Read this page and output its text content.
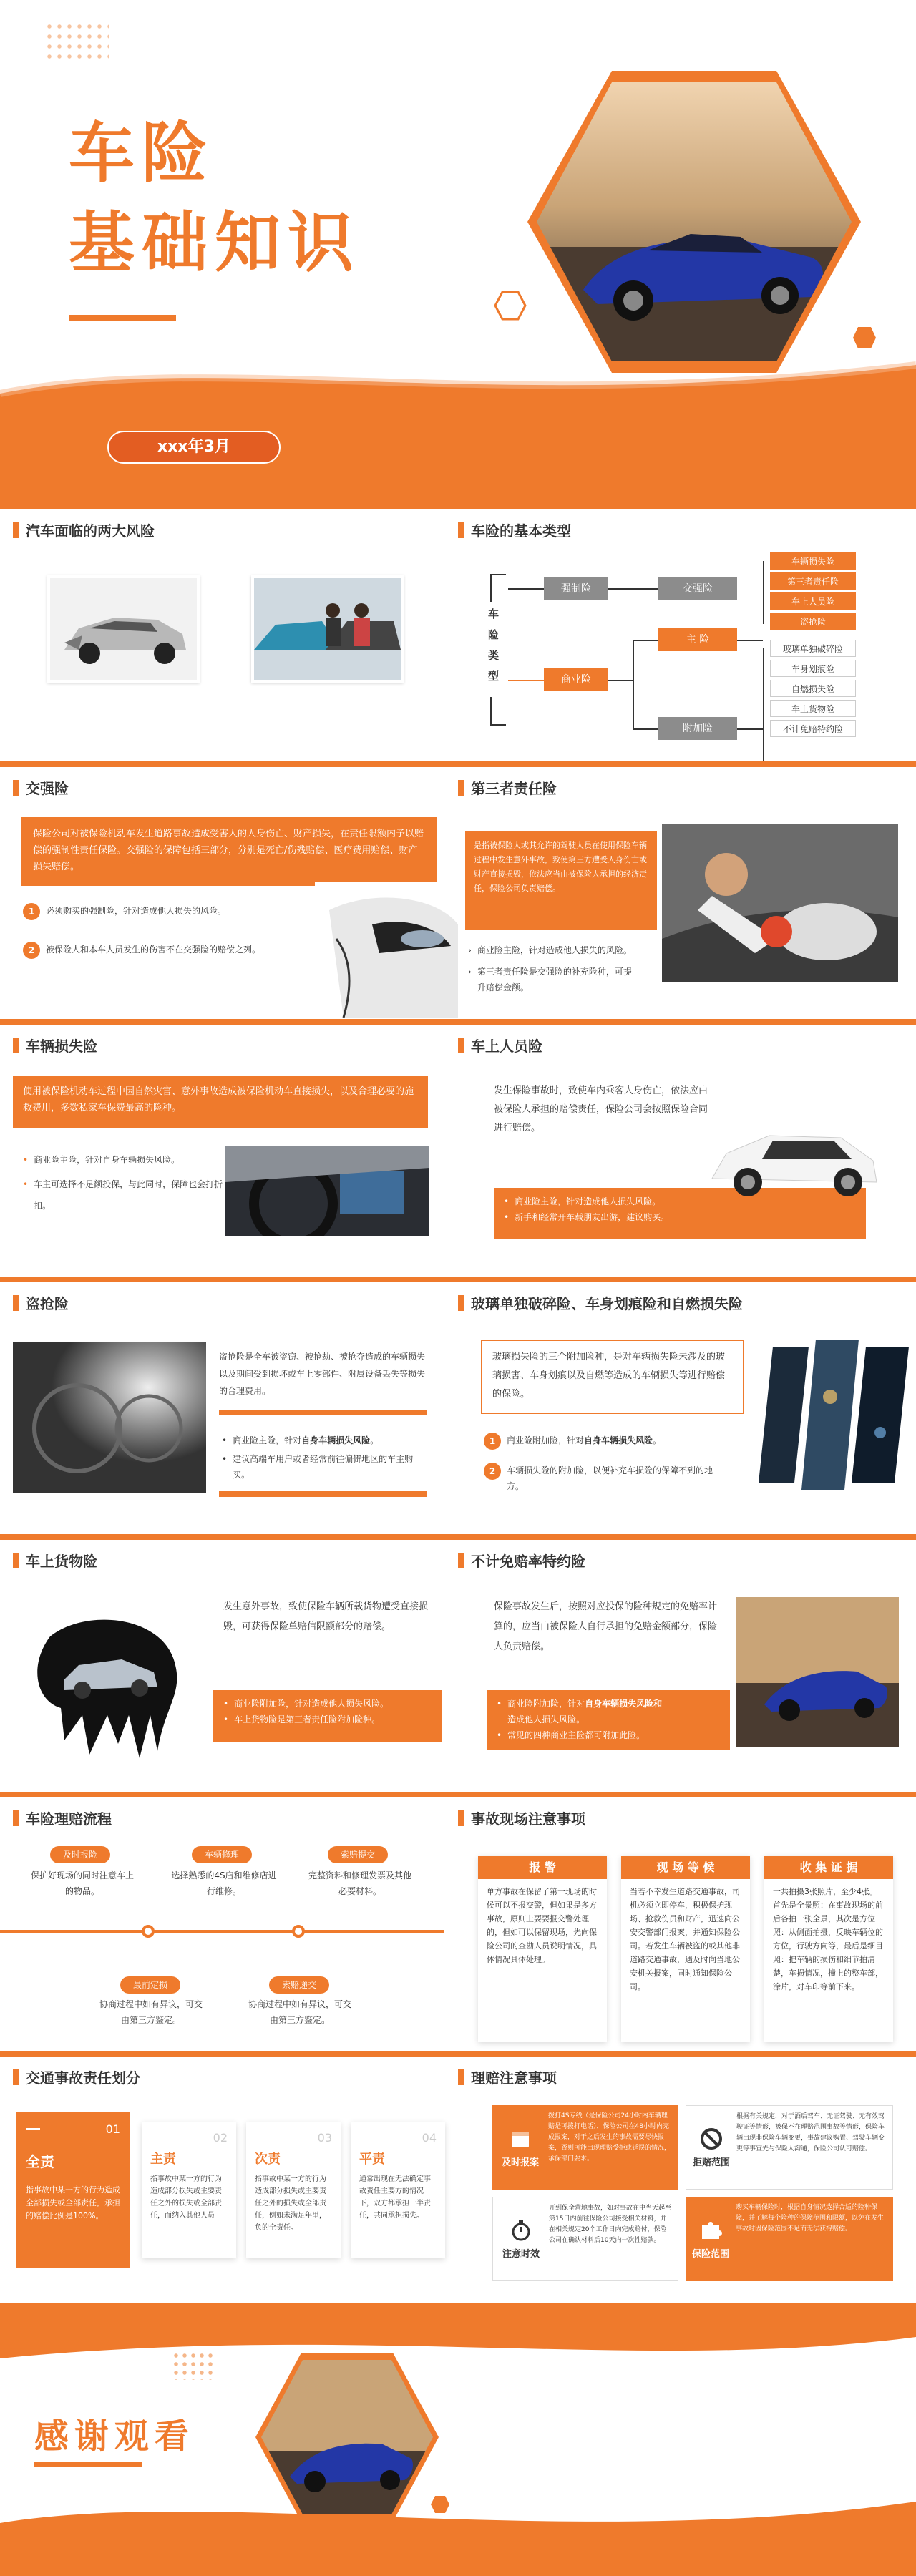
车险
基础知识
xxx年3月
汽车面临的两大风险
自身车辆损失风险	造成他人损失风险
车险的基本类型
车险类型
强制险	交强险
商业险
主 险
附加险
车辆损失险
第三者责任险
车上人员险
盗抢险
玻璃单独破碎险
车身划痕险
自燃损失险
车上货物险
不计免赔特约险
交强险
保险公司对被保险机动车发生道路事故造成受害人的人身伤亡、财产损失，在责任限额内予以赔偿的强制性责任保险。交强险的保障包括三部分，分别是死亡/伤残赔偿、医疗费用赔偿、财产损失赔偿。
1	必须购买的强制险，针对造成他人损失的风险。
2	被保险人和本车人员发生的伤害不在交强险的赔偿之列。
第三者责任险
是指被保险人或其允许的驾驶人员在使用保险车辆过程中发生意外事故，致使第三方遭受人身伤亡或财产直接损毁，依法应当由被保险人承担的经济责任，保险公司负责赔偿。
› 商业险主险，针对造成他人损失的风险。
› 第三者责任险是交强险的补充险种，可提升赔偿金额。
车辆损失险
使用被保险机动车过程中因自然灾害、意外事故造成被保险机动车直接损失，以及合理必要的施救费用，多数私家车保费最高的险种。
• 商业险主险，针对自身车辆损失风险。
• 车主可选择不足额投保，与此同时，保障也会打折扣。
车上人员险
发生保险事故时，致使车内乘客人身伤亡，依法应由被保险人承担的赔偿责任，保险公司会按照保险合同进行赔偿。
• 商业险主险，针对造成他人损失风险。
• 新手和经常开车载朋友出游，建议购买。
盗抢险
盗抢险是全车被盗窃、被抢劫、被抢夺造成的车辆损失以及期间受到损坏或车上零部件、附属设备丢失等损失的合理费用。
• 商业险主险，针对自身车辆损失风险。
• 建议高端车用户或者经常前往偏僻地区的车主购买。
玻璃单独破碎险、车身划痕险和自燃损失险
玻璃损失险的三个附加险种，是对车辆损失险未涉及的玻璃损害、车身划痕以及自燃等造成的车辆损失等进行赔偿的保险。
1	商业险附加险，针对自身车辆损失风险。
2	车辆损失险的附加险，以便补充车损险的保障不到的地方。
车上货物险
发生意外事故，致使保险车辆所载货物遭受直接损毁，可获得保险单赔信限额部分的赔偿。
• 商业险附加险，针对造成他人损失风险。
• 车上货物险是第三者责任险附加险种。
不计免赔率特约险
保险事故发生后，按照对应投保的险种规定的免赔率计算的，应当由被保险人自行承担的免赔金额部分，保险人负责赔偿。
• 商业险附加险，针对自身车辆损失风险和
造成他人损失风险。
• 常见的四种商业主险都可附加此险。
车险理赔流程
及时报险
保护好现场的同时注意车上的物品。
车辆修理
选择熟悉的4S店和维修店进行维修。
索赔提交
完整资料和修理发票及其他必要材料。
最前定损
协商过程中如有异议，可交由第三方鉴定。
索赔递交
协商过程中如有异议，可交由第三方鉴定。
事故现场注意事项
报 警
单方事故在保留了第一现场的时候可以不报交警，但如果是多方事故，原则上要要报交警处理的，但如可以保留现场，先向保险公司的查勘人员说明情况，具体情况具体处理。
现 场 等 候
当若不幸发生道路交通事故，司机必须立即停车，积极保护现场、抢救伤员和财产，迅速向公安交警部门报案，并通知保险公司。若发生车辆被盗的或其他非道路交通事故，遇及时向当地公安机关报案，同时通知保险公司。
收 集 证 据
一共拍摄3张照片，至少4张。首先是全景照：在事故现场的前后各拍一张全景，其次是方位照：从侧面拍摄，反映车辆位的方位，行驶方向等，最后是细目照：把车辆的损伤和细节拍清楚，车损情况，撞上的整车部，涂片，对车印等前下来。
交通事故责任划分
01
全责
指事故中某一方的行为造成全部损失或全部责任，承担的赔偿比例是100%。
02
主责
指事故中某一方的行为造成部分损失或主要责任之外的损失或全部责任，而纳入其他人员
03
次责
指事故中某一方的行为造成部分损失或主要责任之外的损失或全部责任，例如未满足年里，负的全责任。
04
平责
通常出现在无法确定事故责任主要方的情况下，双方都承担一半责任，共同承担损失。
理赔注意事项
及时报案
拨打4S专线（是保险公司24小时内车辆理赔是可拨打电话），保险公司在48小时内完成报案，对于之后发生的事故需要尽快报案，否则可能出现理赔受拒或延误的情况，承保部门要求。	拒赔范围
根据有关规定，对于酒后驾车、无证驾驶、无有效驾驶证等情形，被保不在理赔范围事故等情形，保险车辆出现非保险车辆变更，事故建议购置、驾驶车辆变更等事宜先与保险人沟通，保险公司认可赔偿。
注意时效
开到保全营地事故，如对事故在中当天起至第15日内前往保险公司接受相关材料，并在相关规定20个工作日内完成赔付，保险公司在确认材料后10天内一次性赔款。
保险范围
购买车辆保险时，根据自身情况选择合适的险种保障，并了解每个险种的保障范围和限额，以免在发生事故时因保险范围不足而无法获得赔偿。
感谢观看
